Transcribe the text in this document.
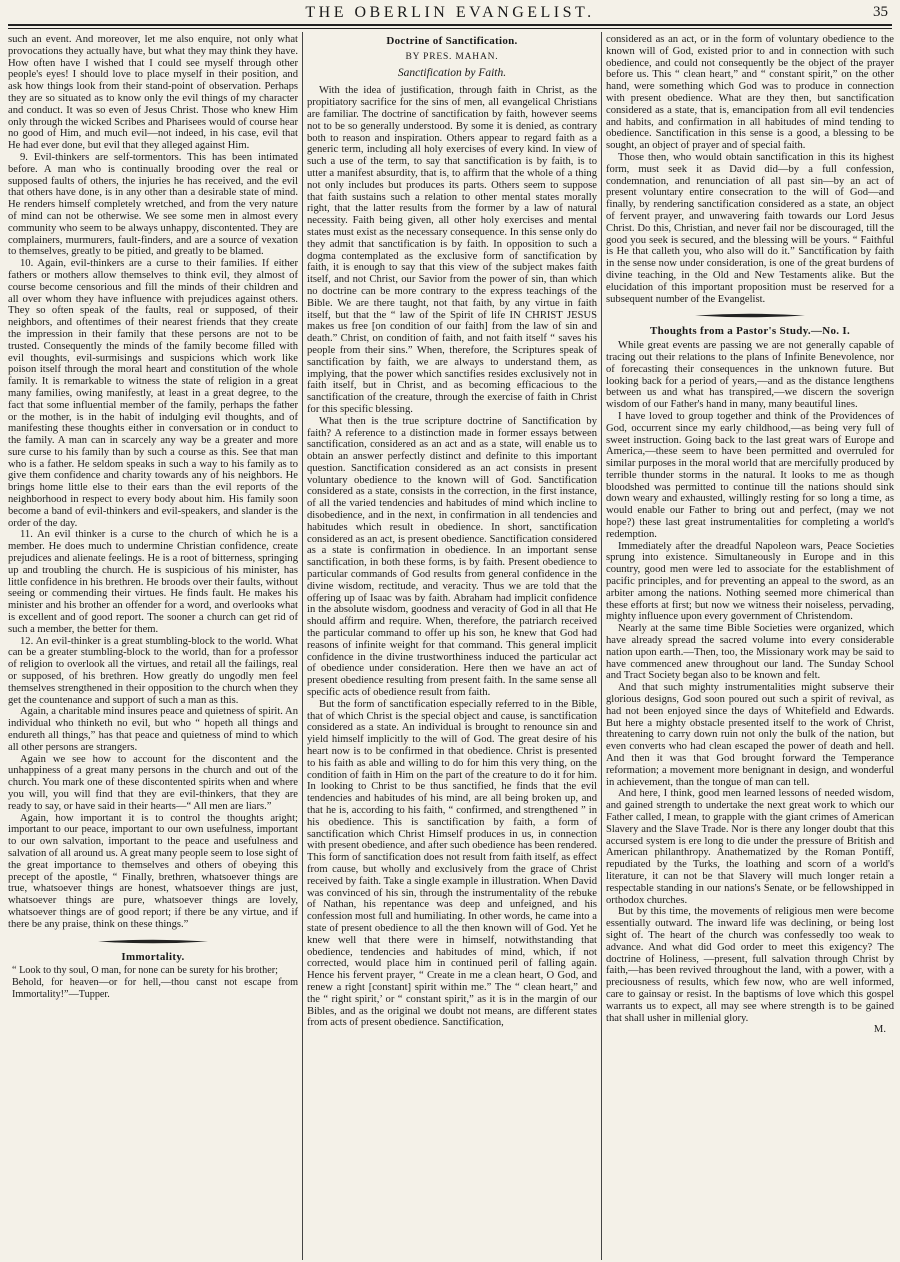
THE OBERLIN EVANGELIST.	35

such an event. And moreover, let me also enquire, not only what provocations they actually have, but what they may think they have. How often have I wished that I could see myself through other people's eyes! I should love to place myself in their position, and ask how things look from their stand-point of observation. Perhaps they are so situated as to know only the evil things of my character and conduct. It was so even of Jesus Christ. Those who knew Him only through the wicked Scribes and Pharisees would of course hear no good of Him, and much evil—not indeed, in his case, evil that He had ever done, but evil that they alleged against Him.

9. Evil-thinkers are self-tormentors. This has been intimated before. A man who is continually brooding over the real or supposed faults of others, the injuries he has received, and the evil that others have done, is in any other than a desirable state of mind. He renders himself completely wretched, and from the very nature of mind can not be otherwise. We see some men in almost every community who seem to be always unhappy, discontented. They are complainers, murmurers, fault-finders, and are a source of vexation to themselves, greatly to be pitied, and greatly to be blamed.

10. Again, evil-thinkers are a curse to their families. If either fathers or mothers allow themselves to think evil, they almost of course become censorious and fill the minds of their children and all over whom they have influence with prejudices against others. They so often speak of the faults, real or supposed, of their neighbors, and oftentimes of their nearest friends that they create the impression in their family that these persons are not to be trusted. Consequently the minds of the family become filled with evil thoughts, evil-surmisings and suspicions which work like poison itself through the moral heart and constitution of the whole family. It is remarkable to witness the state of religion in a great many families, owing manifestly, at least in a great degree, to the fact that some influential member of the family, perhaps the father or the mother, is in the habit of indulging evil thoughts, and of manifesting these thoughts either in conversation or in conduct to the family. A man can in scarcely any way be a greater and more sure curse to his family than by such a course as this. See that man who is a father. He seldom speaks in such a way to his family as to give them confidence and charity towards any of his neighbors. He brings home little else to their ears than the evil reports of the neighborhood in respect to every body about him. His family soon become a band of evil-thinkers and evil-speakers, and slander is the order of the day.

11. An evil thinker is a curse to the church of which he is a member. He does much to undermine Christian confidence, create prejudices and alienate feelings. He is a root of bitterness, springing up and troubling the church. He is suspicious of his minister, has little confidence in his brethren. He broods over their faults, without seeing or commending their virtues. He finds fault. He makes his minister and his brother an offender for a word, and overlooks what is excellent and of good report. The sooner a church can get rid of such a member, the better for them.

12. An evil-thinker is a great stumbling-block to the world. What can be a greater stumbling-block to the world, than for a professor of religion to overlook all the virtues, and retail all the failings, real or supposed, of his brethren. How greatly do ungodly men feel themselves strengthened in their opposition to the church when they get the countenance and support of such a man as this.

Again, a charitable mind insures peace and quietness of spirit. An individual who thinketh no evil, but who “ hopeth all things and endureth all things,” has that peace and quietness of mind to which all other persons are strangers.

Again we see how to account for the discontent and the unhappiness of a great many persons in the church and out of the church. You mark one of these discontented spirits when and where you will, you will find that they are evil-thinkers, that they are ready to say, or have said in their hearts—“ All men are liars.”

Again, how important it is to control the thoughts aright; important to our peace, important to our own usefulness, important to our own salvation, important to the peace and usefulness and salvation of all around us. A great many people seem to lose sight of the great importance to themselves and others of obeying this precept of the apostle, “ Finally, brethren, whatsoever things are true, whatsoever things are honest, whatsoever things are just, whatsoever things are pure, whatsoever things are lovely, whatsoever things are of good report; if there be any virtue, and if there be any praise, think on these things.”

Immortality.
“ Look to thy soul, O man, for none can be surety for his brother;
Behold, for heaven—or for hell,—thou canst not escape from Immortality!”—Tupper.
Doctrine of Sanctification.
BY PRES. MAHAN.
Sanctification by Faith.

With the idea of justification, through faith in Christ, as the propitiatory sacrifice for the sins of men, all evangelical Christians are familiar. The doctrine of sanctification by faith, however seems not to be so generally understood. By some it is denied, as contrary both to reason and inspiration. Others appear to regard faith as a generic term, including all holy exercises of every kind. In view of such a use of the term, to say that sanctification is by faith, is to utter a manifest absurdity, that is, to affirm that the whole of a thing not only includes but produces its parts. Others seem to suppose that faith sustains such a relation to other mental states morally right, that the latter results from the former by a law of natural necessity. Faith being given, all other holy exercises and mental states must exist as the necessary consequence. In this sense only do they admit that sanctification is by faith. In opposition to such a dogma contemplated as the exclusive form of sanctification by faith, it is enough to say that this view of the subject makes faith itself, and not Christ, our Savior from the power of sin, than which no doctrine can be more contrary to the express teachings of the Bible. We are there taught, not that faith, by any virtue in faith itself, but that the “ law of the Spirit of life IN CHRIST JESUS makes us free [on condition of our faith] from the law of sin and death.” Christ, on condition of faith, and not faith itself “ saves his people from their sins.” When, therefore, the Scriptures speak of sanctification by faith, we are always to understand them, as implying, that the power which sanctifies resides exclusively not in faith itself, but in Christ, and as becoming efficacious to the sanctification of the creature, through the exercise of faith in Christ for this specific blessing.

What then is the true scripture doctrine of Sanctification by faith? A reference to a distinction made in former essays between sanctification, considered as an act and as a state, will enable us to obtain an answer perfectly distinct and definite to this important question. Sanctification considered as an act consists in present voluntary obedience to the known will of God. Sanctification considered as a state, consists in the correction, in the first instance, of all the varied tendencies and habitudes of mind which incline to disobedience, and in the next, in confirmation in all tendencies and habitudes which result in obedience. In short, sanctification considered as an act, is present obedience. Sanctification considered as a state is confirmation in obedience. In an important sense sanctification, in both these forms, is by faith. Present obedience to particular commands of God results from general confidence in the divine wisdom, rectitude, and veracity. Thus we are told that the offering up of Isaac was by faith. Abraham had implicit confidence in the absolute wisdom, goodness and veracity of God in all that He should affirm and require. When, therefore, the patriarch received the particular command to offer up his son, he knew that God had reasons of infinite weight for that command. This general implicit confidence in the divine trustworthiness induced the particular act of obedience under consideration. Here then we have an act of present obedience resulting from present faith. In the same sense all specific acts of obedience result from faith.

But the form of sanctification especially referred to in the Bible, that of which Christ is the special object and cause, is sanctification considered as a state. An individual is brought to renounce sin and yield himself implicitly to the will of God. The great desire of his heart now is to be confirmed in that obedience. Christ is presented to his faith as able and willing to do for him this very thing, on the condition of faith in Him on the part of the creature to do it for him. In looking to Christ to be thus sanctified, he finds that the evil tendencies and habitudes of his mind, are all being broken up, and that he is, according to his faith, “ confirmed, and strengthened ” in his obedience. This is sanctification by faith, a form of sanctification which Christ Himself produces in us, in connection with present obedience, and after such obedience has been rendered. This form of sanctification does not result from faith itself, as effect from cause, but wholly and exclusively from the grace of Christ received by faith. Take a single example in illustration. When David was convinced of his sin, through the instrumentality of the rebuke of Nathan, his repentance was deep and unfeigned, and his confession most full and humiliating. In other words, he came into a state of present obedience to all the then known will of God. Yet he knew well that there were in himself, notwithstanding that obedience, tendencies and habitudes of mind, which, if not corrected, would place him in continued peril of falling again. Hence his fervent prayer, “ Create in me a clean heart, O God, and renew a right [constant] spirit within me.” The “ clean heart,” and the “ right spirit,’ or “ constant spirit,” as it is in the margin of our Bibles, and as the original we doubt not means, are different states from acts of present obedience. Sanctification,

considered as an act, or in the form of voluntary obedience to the known will of God, existed prior to and in connection with such obedience, and could not consequently be the object of the prayer before us. This “ clean heart,” and “ constant spirit,” on the other hand, were something which God was to produce in connection with present obedience. What are they then, but sanctification considered as a state, that is, emancipation from all evil tendencies and habits, and confirmation in all habitudes of mind tending to obedience. Sanctification in this sense is a good, a blessing to be sought, an object of prayer and of special faith.

Those then, who would obtain sanctification in this its highest form, must seek it as David did—by a full confession, condemnation, and renunciation of all past sin—by an act of present voluntary entire consecration to the will of God—and finally, by rendering sanctification considered as a state, an object of fervent prayer, and unwavering faith towards our Lord Jesus Christ. Do this, Christian, and never fail nor be discouraged, till the good you seek is secured, and the blessing will be yours. “ Faithful is He that calleth you, who also will do it.” Sanctification by faith in the sense now under consideration, is one of the great burdens of divine teaching, in the Old and New Testaments alike. But the elucidation of this important proposition must be reserved for a subsequent number of the Evangelist.

Thoughts from a Pastor's Study.—No. I.

While great events are passing we are not generally capable of tracing out their relations to the plans of Infinite Benevolence, nor of forecasting their consequences in the unknown future. But looking back for a period of years,—and as the distance lengthens between us and what has transpired,—we discern the soverign wisdom of our Father's hand in many, many beautiful lines.

I have loved to group together and think of the Providences of God, occurrent since my early childhood,—as being very full of sweet instruction. Going back to the last great wars of Europe and America,—these seem to have been permitted and overruled for similar purposes in the moral world that are mercifully produced by terrible thunder storms in the natural. It looks to me as though bloodshed was permitted to continue till the nations should sink down weary and exhausted, willingly resting for so long a time, as would enable our Father to bring out and perfect, (may we not hope?) these last great instrumentalities for completing a world's redemption.

Immediately after the dreadful Napoleon wars, Peace Societies sprung into existence. Simultaneously in Europe and in this country, good men were led to associate for the establishment of pacific principles, and for preventing an appeal to the sword, as an arbiter among the nations. Nothing seemed more chimerical than these efforts at first; but now we witness their noiseless, pervading, mighty influence upon every government of Christendom.

Nearly at the same time Bible Societies were organized, which have already spread the sacred volume into every considerable nation upon earth.—Then, too, the Missionary work may be said to have commenced anew throughout our land. The Sunday School and Tract Society began also to be known and felt.

And that such mighty instrumentalities might subserve their glorious designs, God soon poured out such a spirit of revival, as had not been enjoyed since the days of Whitefield and Edwards. But here a mighty obstacle presented itself to the work of Christ, threatening to carry down ruin not only the bulk of the nation, but even converts who had clean escaped the power of death and hell. And then it was that God brought forward the Temperance reformation; a movement more benignant in design, and wonderful in achievement, than the tongue of man can tell.

And here, I think, good men learned lessons of needed wisdom, and gained strength to undertake the next great work to which our Father called, I mean, to grapple with the giant crimes of American Slavery and the Slave Trade. Nor is there any longer doubt that this accursed system is ere long to die under the pressure of British and American philanthropy. Anathematized by the Roman Pontiff, repudiated by the Turks, the loathing and scorn of a world's literature, it can not be that Slavery will much longer retain a respectable standing in our nations's Senate, or be fellowshipped in orthodox churches.

But by this time, the movements of religious men were become essentially outward. The inward life was declining, or being lost sight of. The heart of the church was confessedly too weak to advance. And what did God order to meet this exigency? The doctrine of Holiness, —present, full salvation through Christ by faith,—has been revived throughout the land, with a power, with a preciousness of results, which few now, who are well informed, care to gainsay or resist. In the baptisms of love which this gospel warrants us to expect, all may see where strength is to be gained that shall usher in millenial glory.

M.
